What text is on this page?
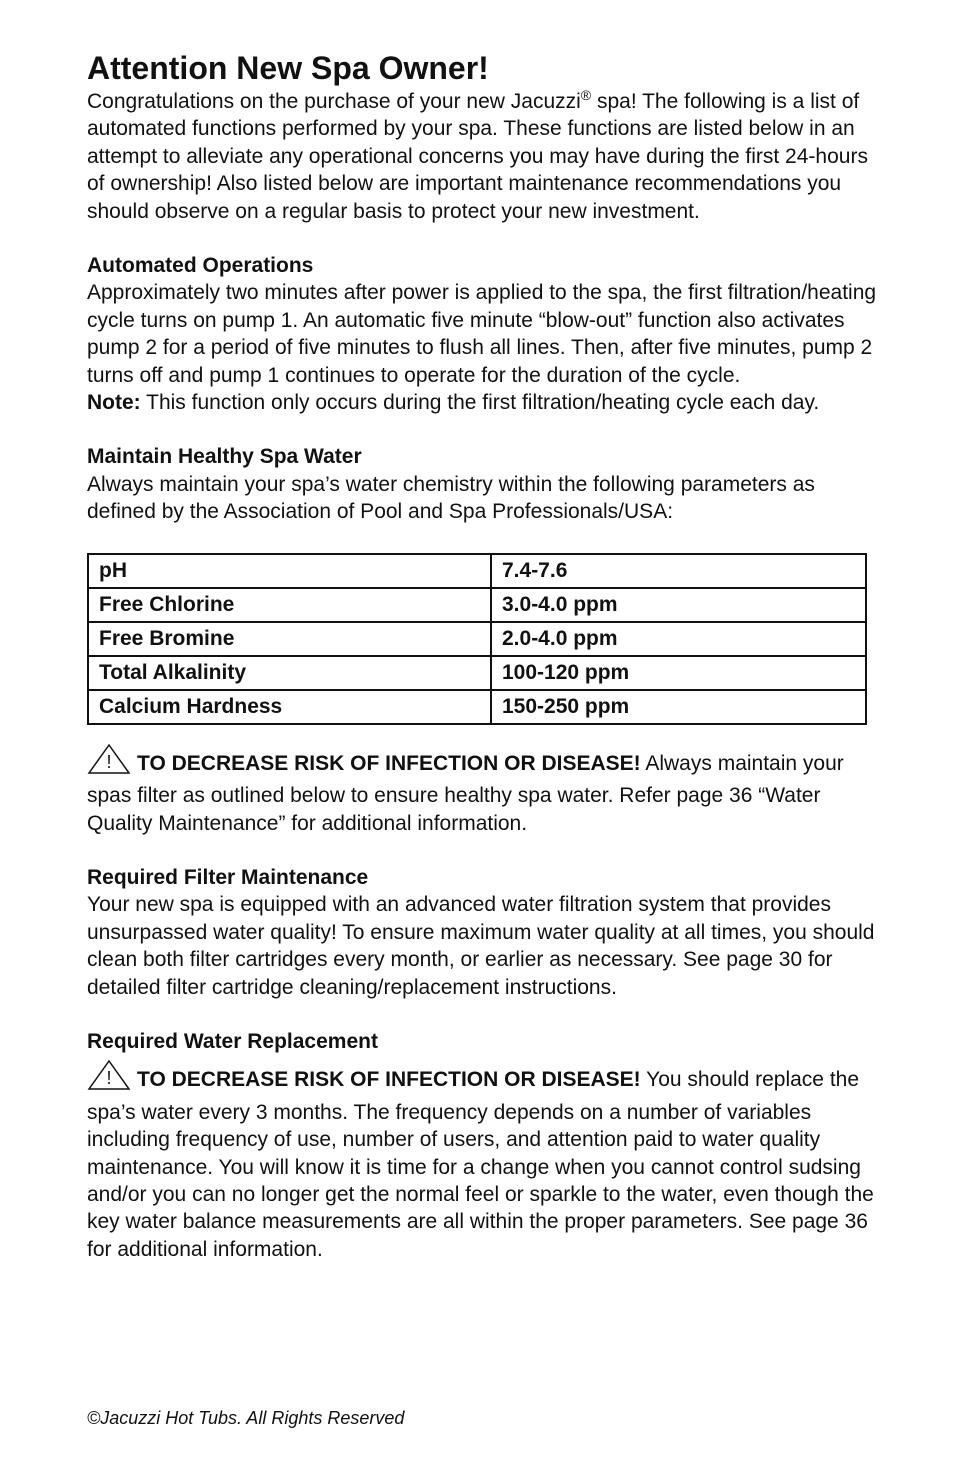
Attention New Spa Owner!

Congratulations on the purchase of your new Jacuzzi® spa! The following is a list of automated functions performed by your spa. These functions are listed below in an attempt to alleviate any operational concerns you may have during the first 24-hours of ownership! Also listed below are important maintenance recommendations you should observe on a regular basis to protect your new investment.

Automated Operations

Approximately two minutes after power is applied to the spa, the first filtration/heating cycle turns on pump 1. An automatic five minute “blow-out” function also activates pump 2 for a period of five minutes to flush all lines. Then, after five minutes, pump 2 turns off and pump 1 continues to operate for the duration of the cycle.

Note: This function only occurs during the first filtration/heating cycle each day.

Maintain Healthy Spa Water

Always maintain your spa’s water chemistry within the following parameters as defined by the Association of Pool and Spa Professionals/USA:

pH	7.4-7.6
Free Chlorine	3.0-4.0 ppm
Free Bromine	2.0-4.0 ppm
Total Alkalinity	100-120 ppm
Calcium Hardness	150-250 ppm

! TO DECREASE RISK OF INFECTION OR DISEASE! Always maintain your spas filter as outlined below to ensure healthy spa water. Refer page 36 “Water Quality Maintenance” for additional information.

Required Filter Maintenance

Your new spa is equipped with an advanced water filtration system that provides unsurpassed water quality! To ensure maximum water quality at all times, you should clean both filter cartridges every month, or earlier as necessary. See page 30 for detailed filter cartridge cleaning/replacement instructions.

Required Water Replacement

! TO DECREASE RISK OF INFECTION OR DISEASE! You should replace the spa’s water every 3 months. The frequency depends on a number of variables including frequency of use, number of users, and attention paid to water quality maintenance. You will know it is time for a change when you cannot control sudsing and/or you can no longer get the normal feel or sparkle to the water, even though the key water balance measurements are all within the proper parameters. See page 36 for additional information.

©Jacuzzi Hot Tubs. All Rights Reserved
